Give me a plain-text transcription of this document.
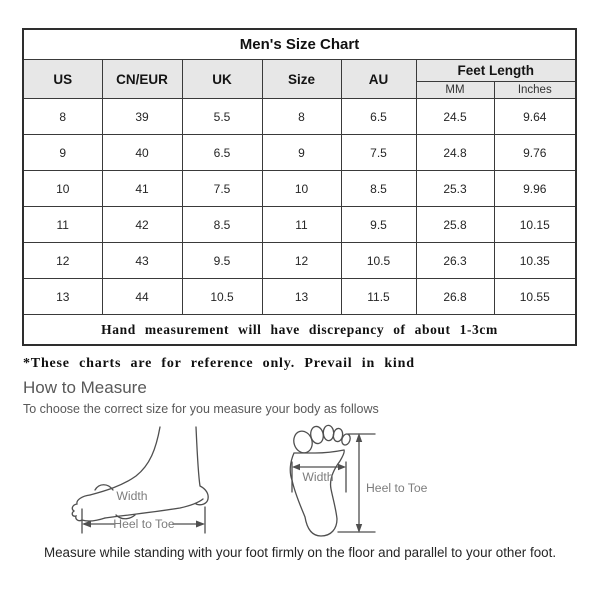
Men's Size Chart						
US	CN/EUR	UK	Size	AU	Feet Length	
					MM	Inches
8	39	5.5	8	6.5	24.5	9.64
9	40	6.5	9	7.5	24.8	9.76
10	41	7.5	10	8.5	25.3	9.96
11	42	8.5	11	9.5	25.8	10.15
12	43	9.5	12	10.5	26.3	10.35
13	44	10.5	13	11.5	26.8	10.55
Hand measurement will have discrepancy of about 1-3cm						
*These charts are for reference only. Prevail in kind
How to Measure
To choose the correct size for you measure your body as follows
Width
Heel to Toe
Width
Heel to Toe
Measure while standing with your foot firmly on the floor and parallel to your other foot.
